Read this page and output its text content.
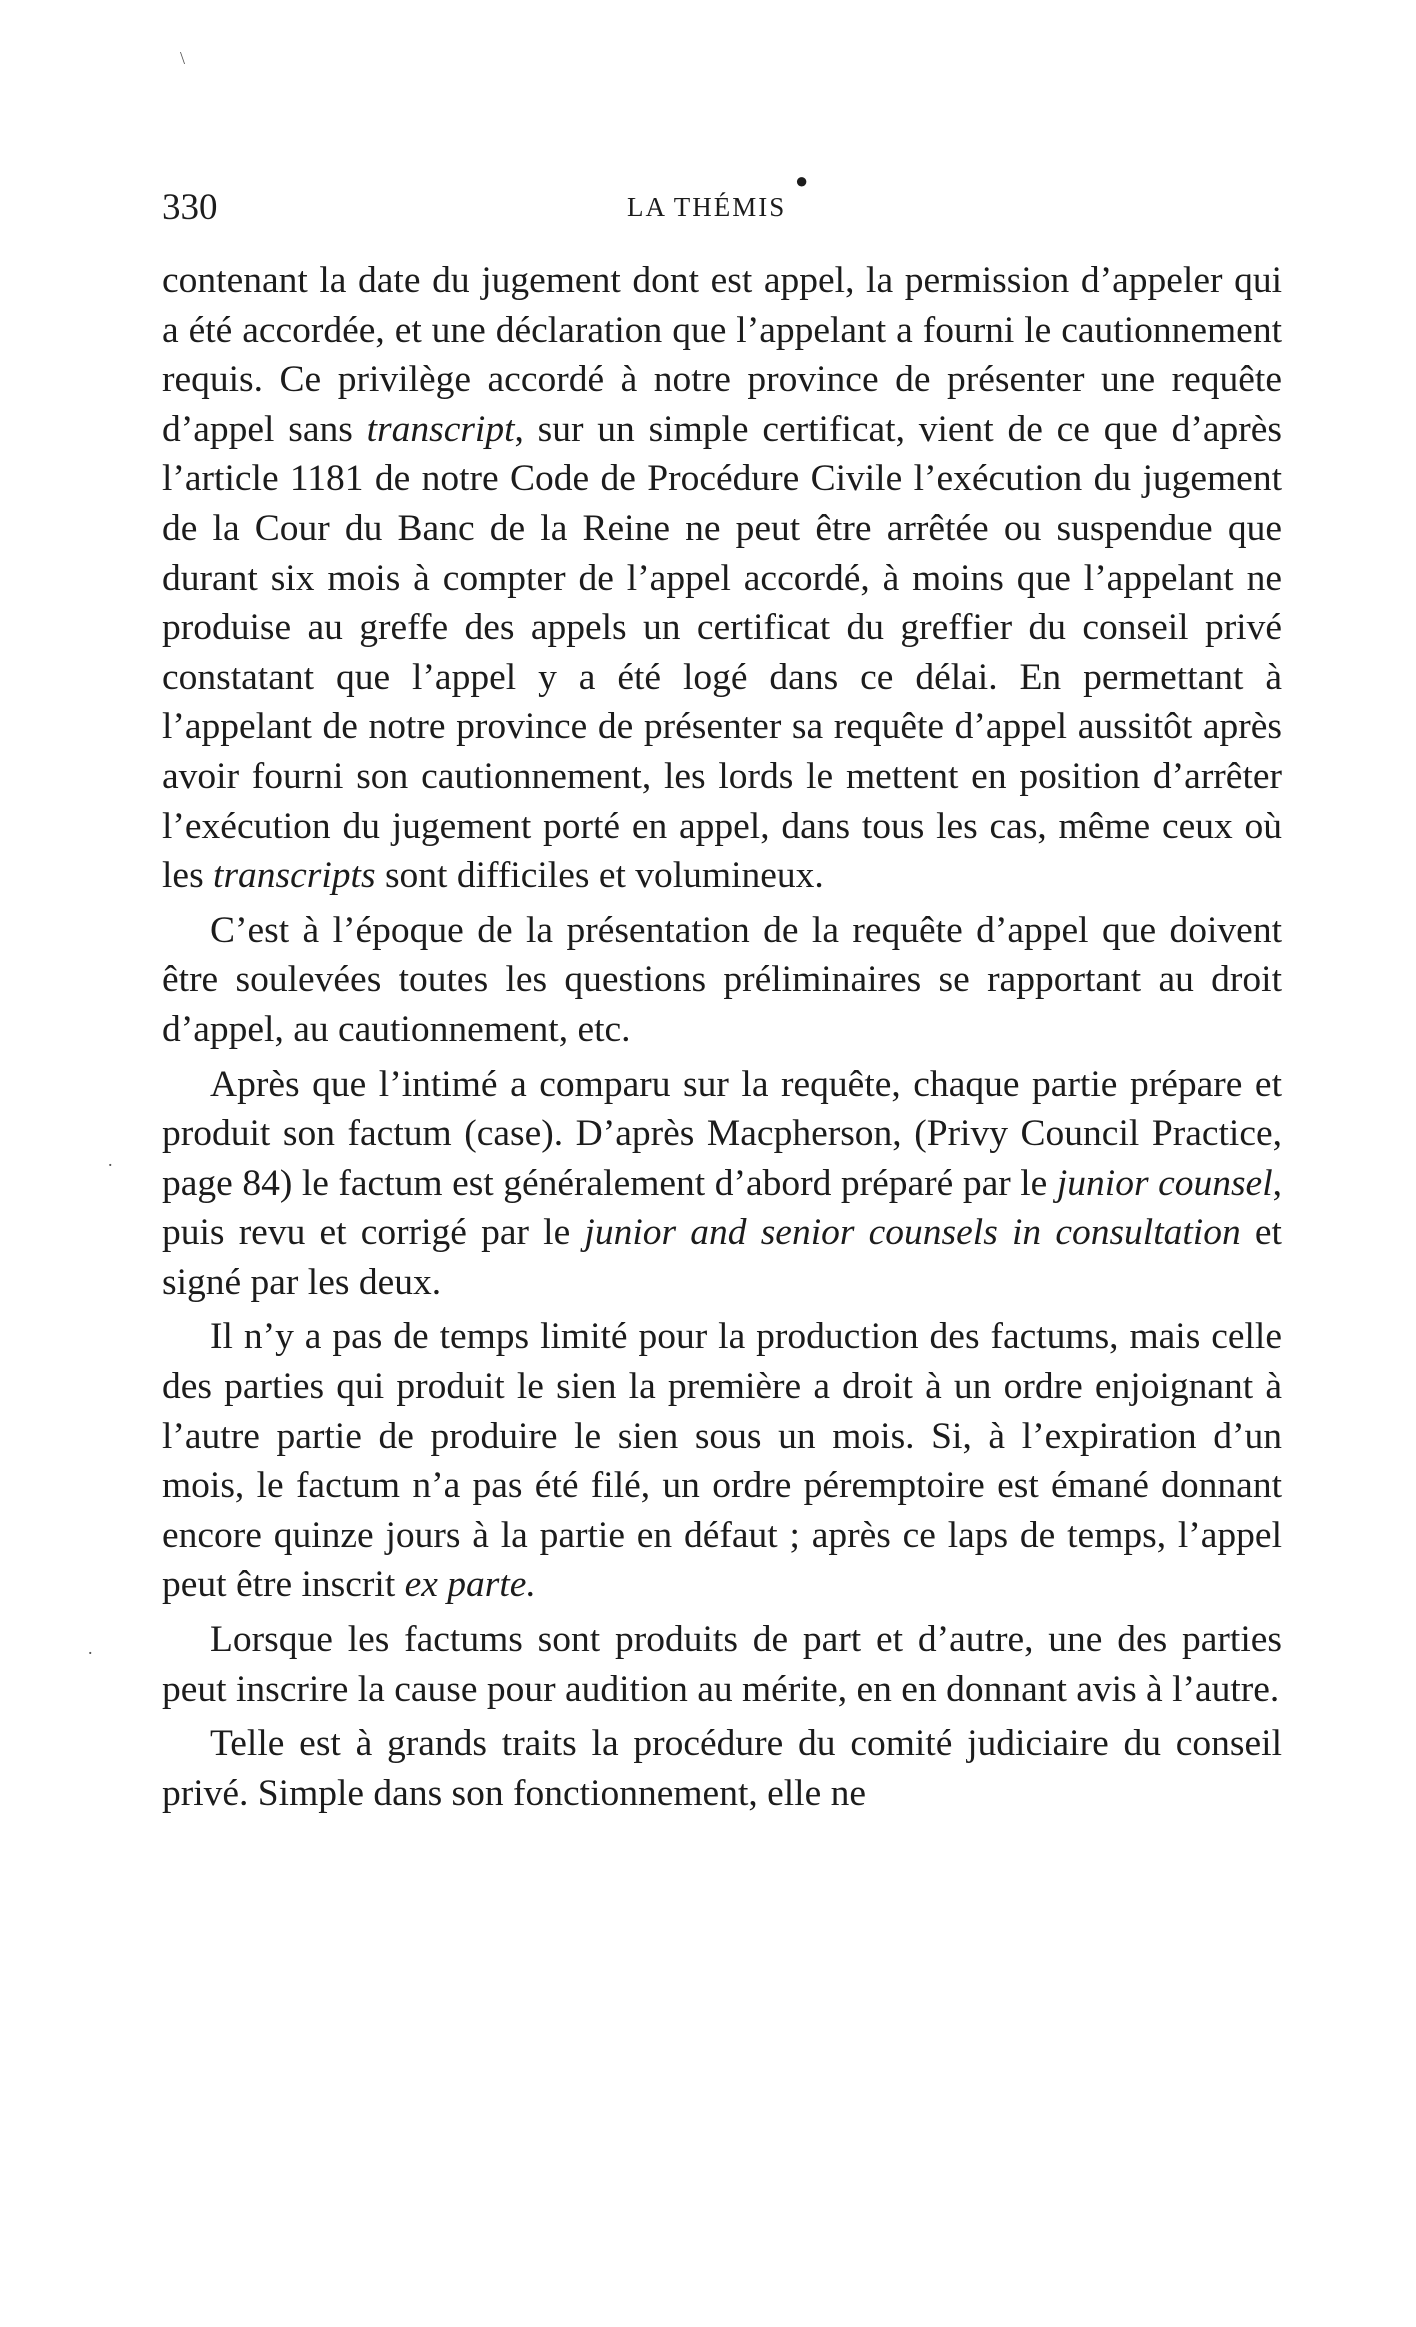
\
.
.
330	LA THÉMIS
●

contenant la date du jugement dont est appel, la permission d’appeler qui a été accordée, et une déclaration que l’appelant a fourni le cautionnement requis. Ce privilège accordé à notre province de présenter une requête d’appel sans transcript, sur un simple certificat, vient de ce que d’après l’article 1181 de notre Code de Procédure Civile l’exécution du jugement de la Cour du Banc de la Reine ne peut être arrêtée ou suspendue que durant six mois à compter de l’appel accordé, à moins que l’appelant ne produise au greffe des appels un certificat du greffier du conseil privé constatant que l’appel y a été logé dans ce délai. En permettant à l’appelant de notre province de présenter sa requête d’appel aussitôt après avoir fourni son cautionnement, les lords le mettent en position d’arrêter l’exécution du jugement porté en appel, dans tous les cas, même ceux où les transcripts sont difficiles et volumineux.

C’est à l’époque de la présentation de la requête d’appel que doivent être soulevées toutes les questions préliminaires se rapportant au droit d’appel, au cautionnement, etc.

Après que l’intimé a comparu sur la requête, chaque partie prépare et produit son factum (case). D’après Macpherson, (Privy Council Practice, page 84) le factum est généralement d’abord préparé par le junior counsel, puis revu et corrigé par le junior and senior counsels in consultation et signé par les deux.

Il n’y a pas de temps limité pour la production des factums, mais celle des parties qui produit le sien la première a droit à un ordre enjoignant à l’autre partie de produire le sien sous un mois. Si, à l’expiration d’un mois, le factum n’a pas été filé, un ordre péremptoire est émané donnant encore quinze jours à la partie en défaut ; après ce laps de temps, l’appel peut être inscrit ex parte.

Lorsque les factums sont produits de part et d’autre, une des parties peut inscrire la cause pour audition au mérite, en en donnant avis à l’autre.

Telle est à grands traits la procédure du comité judiciaire du conseil privé. Simple dans son fonctionnement, elle ne
